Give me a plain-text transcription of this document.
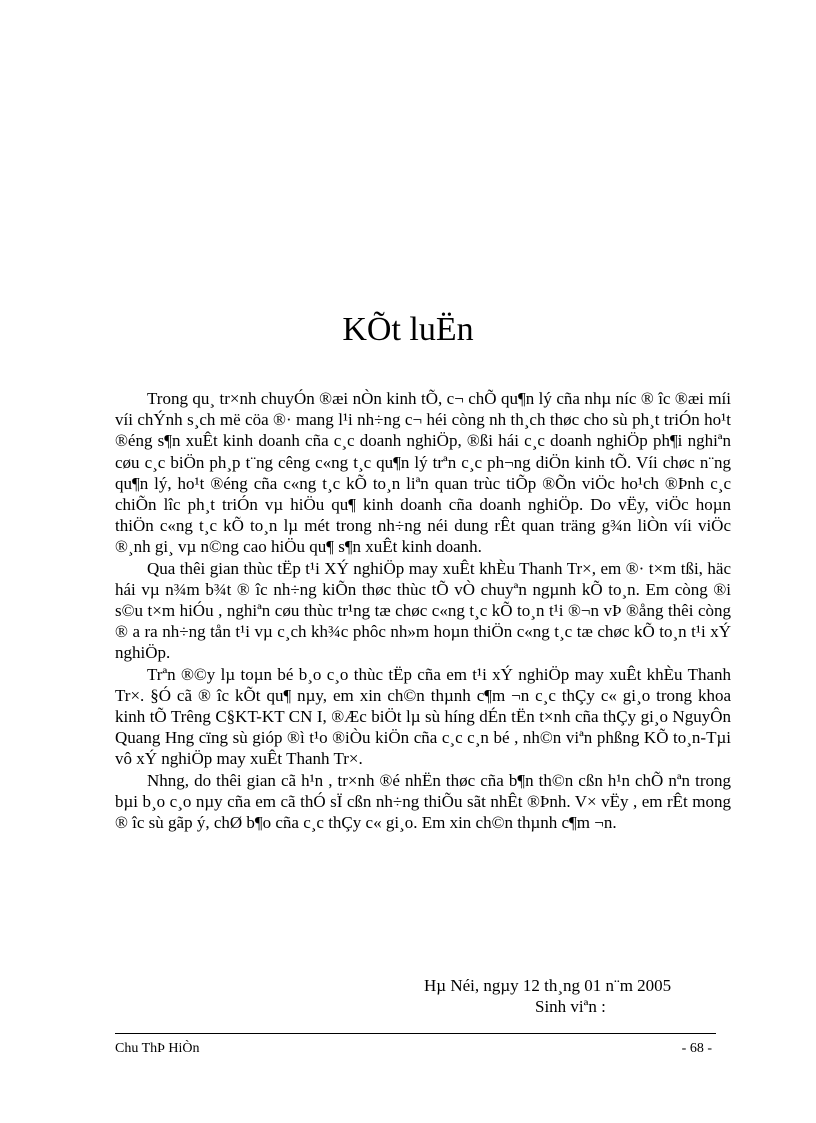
KÕt luËn

Trong qu¸ tr×nh chuyÓn ®æi nÒn kinh tÕ, c¬ chÕ qu¶n lý cña nhµ níc ® îc ®æi míi víi chÝnh s¸ch më cöa ®· mang l¹i nh÷ng c¬ héi còng nh th¸ch thøc cho sù ph¸t triÓn ho¹t ®éng s¶n xuÊt kinh doanh cña c¸c doanh nghiÖp, ®ßi hái c¸c doanh nghiÖp ph¶i nghiªn cøu c¸c biÖn ph¸p t¨ng cêng c«ng t¸c qu¶n lý trªn c¸c ph¬ng diÖn kinh tÕ. Víi chøc n¨ng qu¶n lý, ho¹t ®éng cña c«ng t¸c kÕ to¸n liªn quan trùc tiÕp ®Õn viÖc ho¹ch ®Þnh c¸c chiÕn lîc ph¸t triÓn vµ hiÖu qu¶ kinh doanh cña doanh nghiÖp. Do vËy, viÖc hoµn thiÖn c«ng t¸c kÕ to¸n lµ mét trong nh÷ng néi dung rÊt quan träng g¾n liÒn víi viÖc ®¸nh gi¸ vµ n©ng cao hiÖu qu¶ s¶n xuÊt kinh doanh.

Qua thêi gian thùc tËp t¹i XÝ nghiÖp may xuÊt khÈu Thanh Tr×, em ®· t×m tßi, häc hái vµ n¾m b¾t ® îc nh÷ng kiÕn thøc thùc tÕ vÒ chuyªn ngµnh kÕ to¸n. Em còng ®i s©u t×m hiÓu , nghiªn cøu thùc tr¹ng tæ chøc c«ng t¸c kÕ to¸n t¹i ®¬n vÞ ®ång thêi còng ® a ra nh÷ng tån t¹i vµ c¸ch kh¾c phôc nh»m hoµn thiÖn c«ng t¸c tæ chøc kÕ to¸n t¹i xÝ nghiÖp.

Trªn ®©y lµ toµn bé b¸o c¸o thùc tËp cña em t¹i xÝ nghiÖp may xuÊt khÈu Thanh Tr×. §Ó cã ® îc kÕt qu¶ nµy, em xin ch©n thµnh c¶m ¬n c¸c thÇy c« gi¸o trong khoa kinh tÕ Trêng C§KT-KT CN I, ®Æc biÖt lµ sù híng dÉn tËn t×nh cña thÇy gi¸o NguyÔn Quang Hng cïng sù gióp ®ì t¹o ®iÒu kiÖn cña c¸c c¸n bé , nh©n viªn phßng KÕ to¸n-Tµi vô xÝ nghiÖp may xuÊt Thanh Tr×.

Nhng, do thêi gian cã h¹n , tr×nh ®é nhËn thøc cña b¶n th©n cßn h¹n chÕ nªn trong bµi b¸o c¸o nµy cña em cã thÓ sÏ cßn nh÷ng thiÕu sãt nhÊt ®Þnh. V× vËy , em rÊt mong ® îc sù gãp ý, chØ b¶o cña c¸c thÇy c« gi¸o. Em xin ch©n thµnh c¶m ¬n.

Hµ Néi, ngµy 12 th¸ng 01 n¨m 2005
Sinh viªn :
Chu ThÞ HiÒn	- 68 -
